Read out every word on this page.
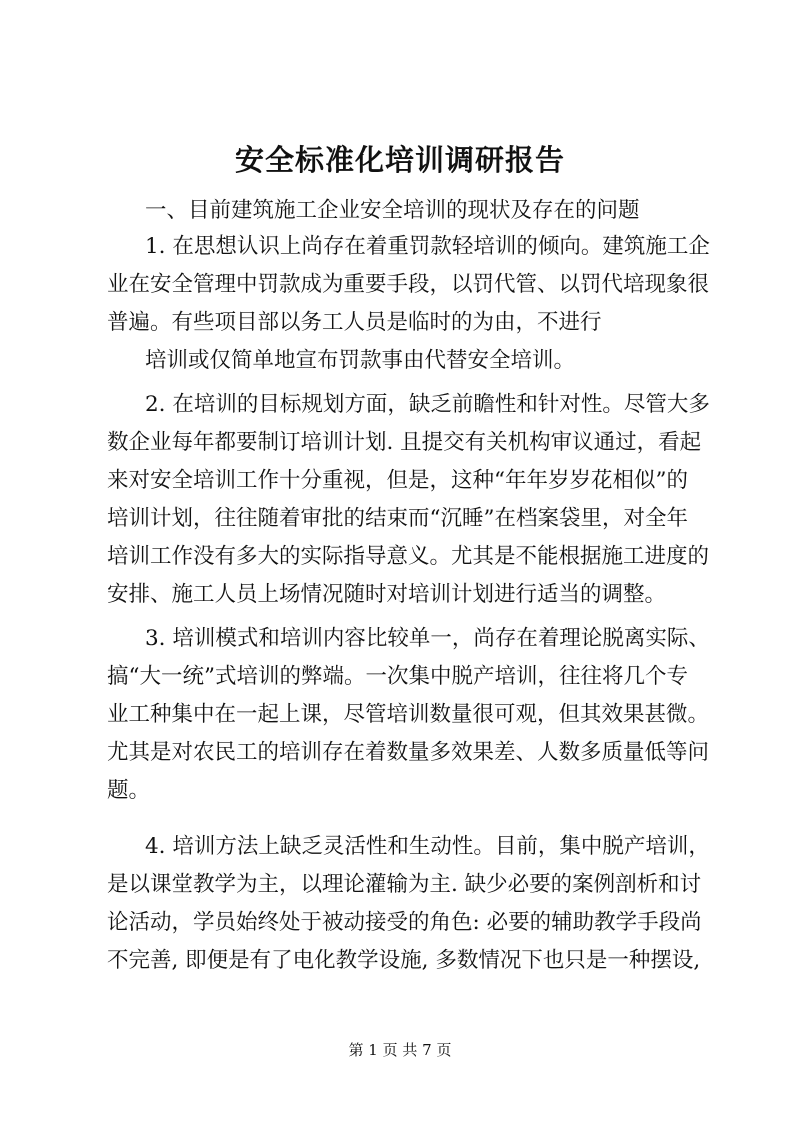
安全标准化培训调研报告
一、目前建筑施工企业安全培训的现状及存在的问题
1. 在思想认识上尚存在着重罚款轻培训的倾向。建筑施工企
业在安全管理中罚款成为重要手段，以罚代管、以罚代培现象很
普遍。有些项目部以务工人员是临时的为由，不进行
培训或仅简单地宣布罚款事由代替安全培训。
2. 在培训的目标规划方面，缺乏前瞻性和针对性。尽管大多
数企业每年都要制订培训计划. 且提交有关机构审议通过，看起
来对安全培训工作十分重视，但是，这种“年年岁岁花相似”的
培训计划，往往随着审批的结束而“沉睡”在档案袋里，对全年
培训工作没有多大的实际指导意义。尤其是不能根据施工进度的
安排、施工人员上场情况随时对培训计划进行适当的调整。
3. 培训模式和培训内容比较单一，尚存在着理论脱离实际、
搞“大一统”式培训的弊端。一次集中脱产培训，往往将几个专
业工种集中在一起上课，尽管培训数量很可观，但其效果甚微。
尤其是对农民工的培训存在着数量多效果差、人数多质量低等问
题。
4. 培训方法上缺乏灵活性和生动性。目前，集中脱产培训，
是以课堂教学为主，以理论灌输为主. 缺少必要的案例剖析和讨
论活动，学员始终处于被动接受的角色: 必要的辅助教学手段尚
不完善, 即便是有了电化教学设施, 多数情况下也只是一种摆设,
第 1 页 共 7 页
